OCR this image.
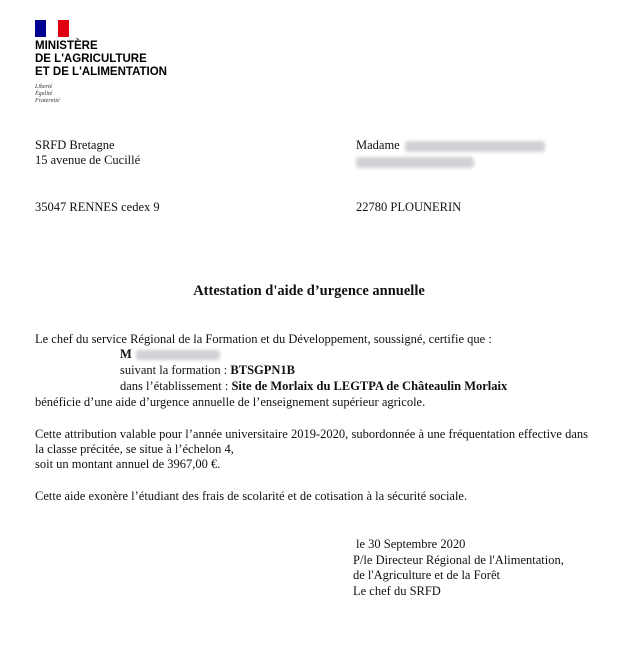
MINISTÈRE
DE L'AGRICULTURE
ET DE L'ALIMENTATION
Liberté
Égalité
Fraternité
SRFD Bretagne
15 avenue de Cucillé
35047 RENNES cedex 9
Madame
22780 PLOUNERIN
Attestation d'aide d’urgence annuelle
Le chef du service Régional de la Formation et du Développement, soussigné, certifie que :
M
suivant la formation : BTSGPN1B
dans l’établissement : Site de Morlaix du LEGTPA de Châteaulin Morlaix
bénéficie d’une aide d’urgence annuelle de l’enseignement supérieur agricole.
Cette attribution valable pour l’année universitaire 2019-2020, subordonnée à une fréquentation effective dans la classe précitée, se situe à l’échelon 4,
soit un montant annuel de 3967,00 €.
Cette aide exonère l’étudiant des frais de scolarité et de cotisation à la sécurité sociale.
le 30 Septembre 2020
P/le Directeur Régional de l'Alimentation,
de l'Agriculture et de la Forêt
Le chef du SRFD
